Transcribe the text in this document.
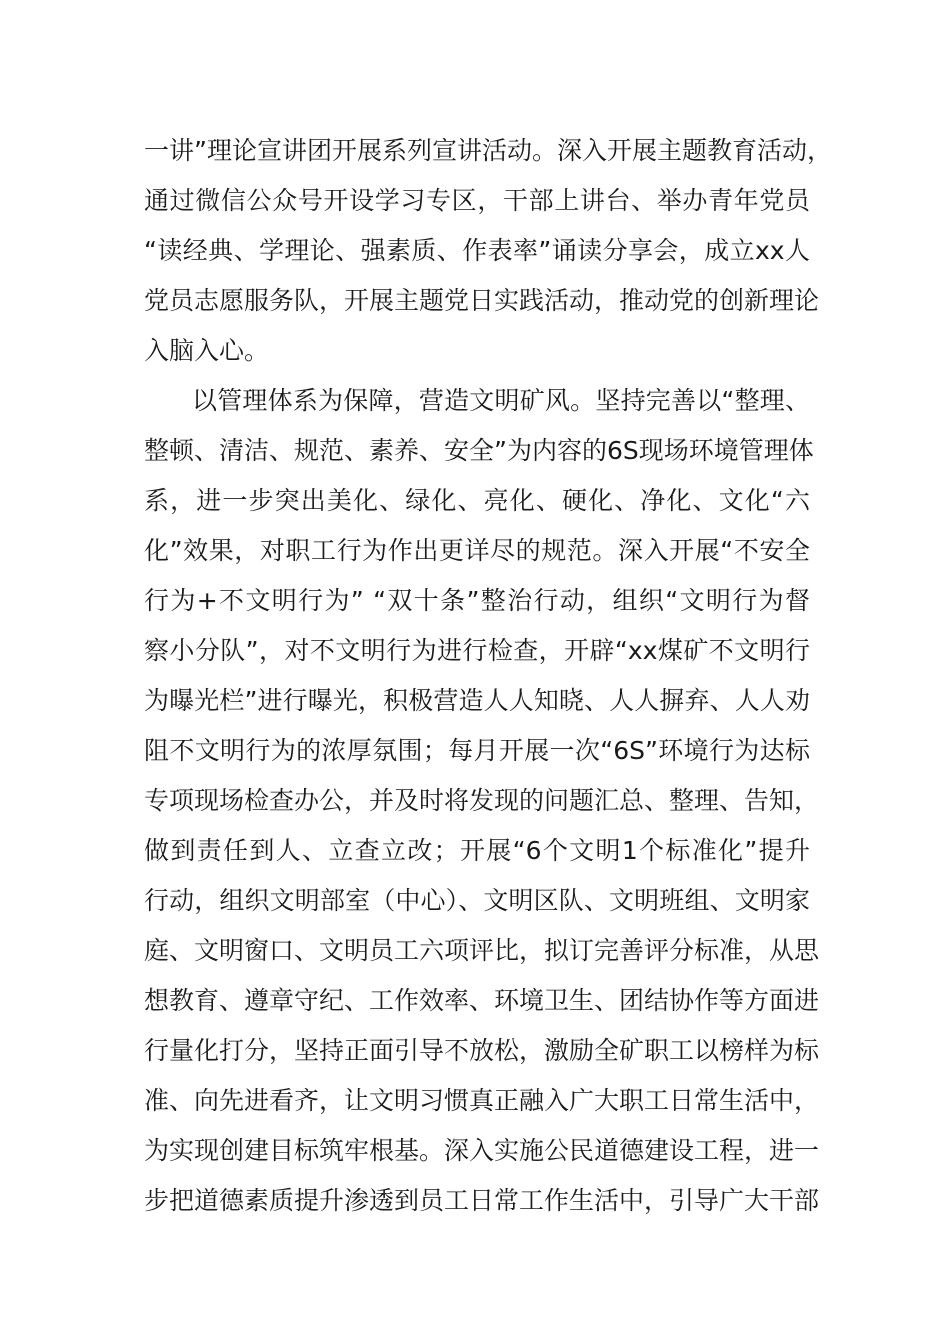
一讲”理论宣讲团开展系列宣讲活动。深入开展主题教育活动，
通过微信公众号开设学习专区，干部上讲台、举办青年党员
“读经典、学理论、强素质、作表率”诵读分享会，成立xx人
党员志愿服务队，开展主题党日实践活动，推动党的创新理论
入脑入心。
以管理体系为保障，营造文明矿风。坚持完善以“整理、
整顿、清洁、规范、素养、安全”为内容的6S现场环境管理体
系，进一步突出美化、绿化、亮化、硬化、净化、文化“六
化”效果，对职工行为作出更详尽的规范。深入开展“不安全
行为+不文明行为” “双十条”整治行动，组织“文明行为督
察小分队”，对不文明行为进行检查，开辟“xx煤矿不文明行
为曝光栏”进行曝光，积极营造人人知晓、人人摒弃、人人劝
阻不文明行为的浓厚氛围；每月开展一次“6S”环境行为达标
专项现场检查办公，并及时将发现的问题汇总、整理、告知，
做到责任到人、立查立改；开展“6个文明1个标准化”提升
行动，组织文明部室（中心）、文明区队、文明班组、文明家
庭、文明窗口、文明员工六项评比，拟订完善评分标准，从思
想教育、遵章守纪、工作效率、环境卫生、团结协作等方面进
行量化打分，坚持正面引导不放松，激励全矿职工以榜样为标
准、向先进看齐，让文明习惯真正融入广大职工日常生活中，
为实现创建目标筑牢根基。深入实施公民道德建设工程，进一
步把道德素质提升渗透到员工日常工作生活中，引导广大干部
